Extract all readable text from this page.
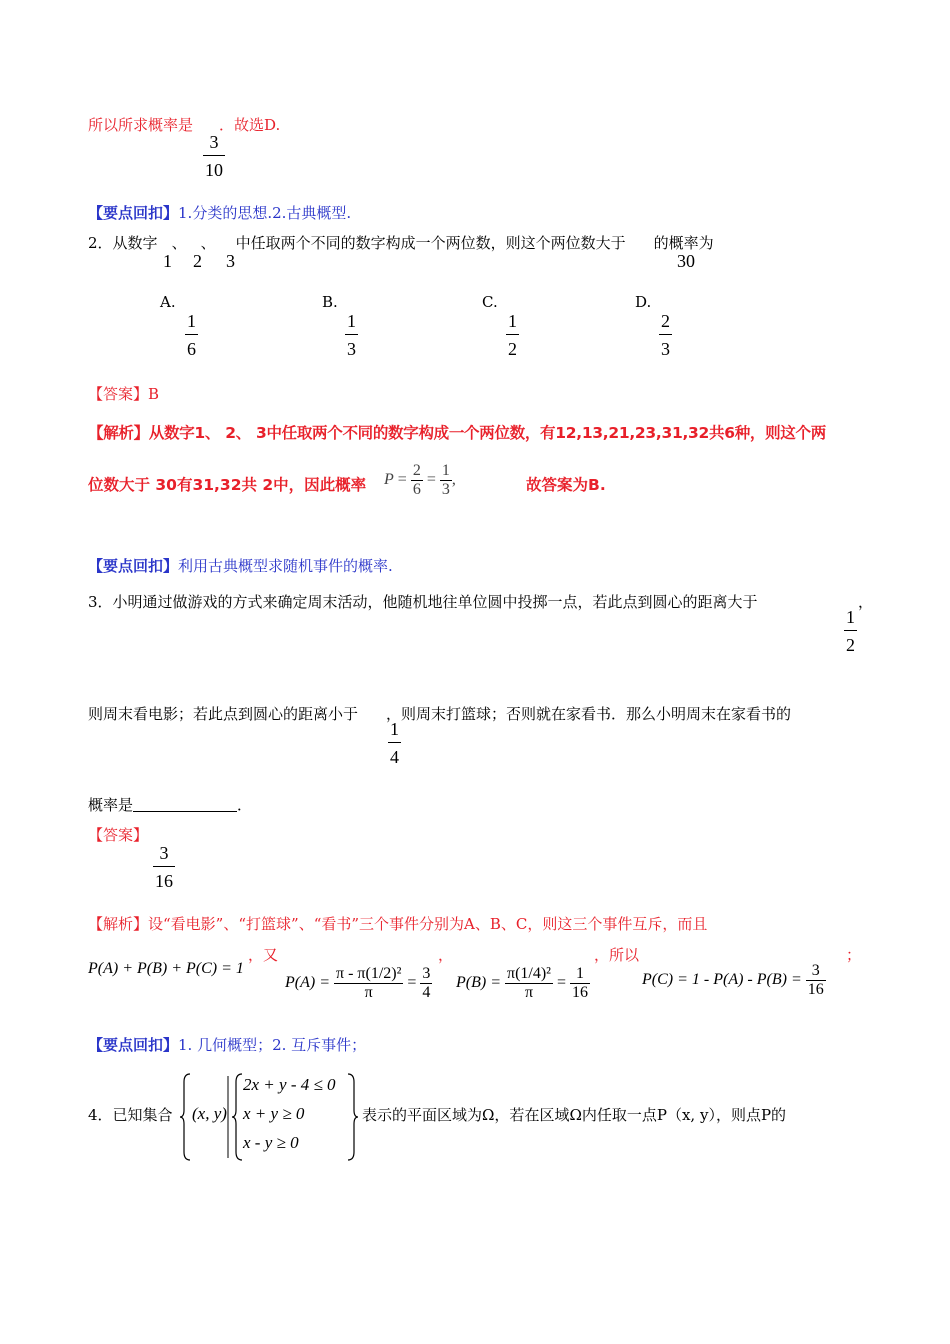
所以所求概率是 ．故选D.
3
10
【要点回扣】1.分类的思想.2.古典概型.
2．从数字 、 、 中任取两个不同的数字构成一个两位数，则这个两位数大于 的概率为
1 2 3	30
A.
1
6
B.
1
3
C.
1
2
D.
2
3
【答案】B
【解析】从数字1、 2、 3中任取两个不同的数字构成一个两位数，有12,13,21,23,31,32共6种，则这个两
位数大于 30有31,32共 2中，因此概率 $P = \frac{2}{6} = \frac{1}{3}$ ,	故答案为B.
【要点回扣】利用古典概型求随机事件的概率.
3．小明通过做游戏的方式来确定周末活动，他随机地往单位圆中投掷一点，若此点到圆心的距离大于	，
1
2
则周末看电影；若此点到圆心的距离小于 ，则周末打篮球；否则就在家看书．那么小明周末在家看书的
1
4
概率是	．
【答案】
3
16
【解析】设“看电影”、“打篮球”、“看书”三个事件分别为A、B、C，则这三个事件互斥，而且
P(A) + P(B) + P(C) = 1
，又	，	，所以	；
$P(A) = \frac{\text{π - π(1/2)²}}{\pi} = \frac{3}{4} P(B) = \frac{\text{π(1/4)²}}{\pi} = \frac{1}{16}$	$P(C) = 1 - P(A) - P(B) = \frac{3}{16}$
【要点回扣】1. 几何概型；2. 互斥事件；
4．已知集合 (x, y)
2x + y - 4 ≤ 0
x + y ≥ 0
x - y ≥ 0
表示的平面区域为Ω，若在区域Ω内任取一点P（x, y），则点P的
